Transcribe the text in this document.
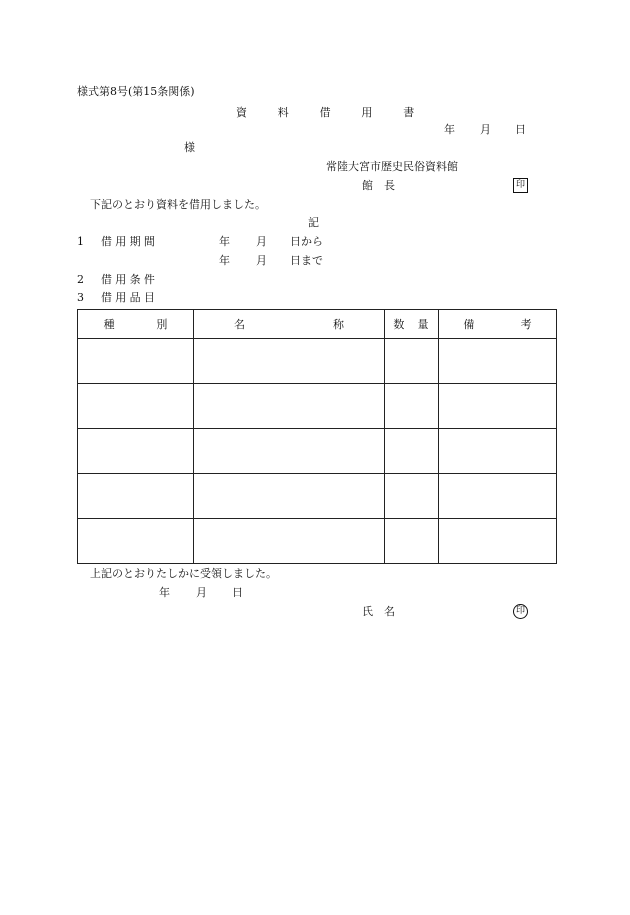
様式第8号(第15条関係)
資　料　借　用　書
年 月 日
様
常陸大宮市歴史民俗資料館
館　長	印
下記のとおり資料を借用しました。
記
1 借用期間	年 月 日から
年 月 日まで
2 借用条件
3 借用品目
種　別	名　称	数　量	備　考

上記のとおりたしかに受領しました。
年 月 日
氏　名	印
